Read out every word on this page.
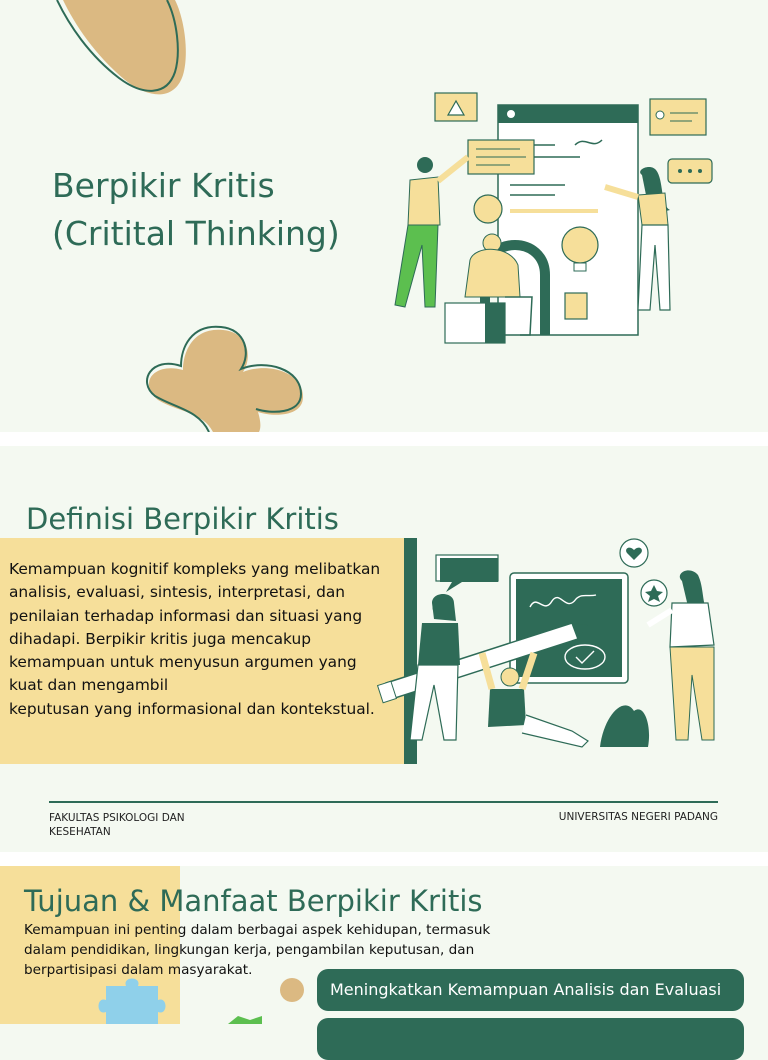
Berpikir Kritis
(Critital Thinking)
Definisi Berpikir Kritis

Kemampuan kognitif kompleks yang melibatkan
analisis, evaluasi, sintesis, interpretasi, dan
penilaian terhadap informasi dan situasi yang
dihadapi. Berpikir kritis juga mencakup
kemampuan untuk menyusun argumen yang
kuat dan mengambil
keputusan yang informasional dan kontekstual.

FAKULTAS PSIKOLOGI DAN KESEHATAN
UNIVERSITAS NEGERI PADANG
Tujuan & Manfaat Berpikir Kritis

Kemampuan ini penting dalam berbagai aspek kehidupan, termasuk dalam pendidikan, lingkungan kerja, pengambilan keputusan, dan berpartisipasi dalam masyarakat.

Meningkatkan Kemampuan Analisis dan Evaluasi
